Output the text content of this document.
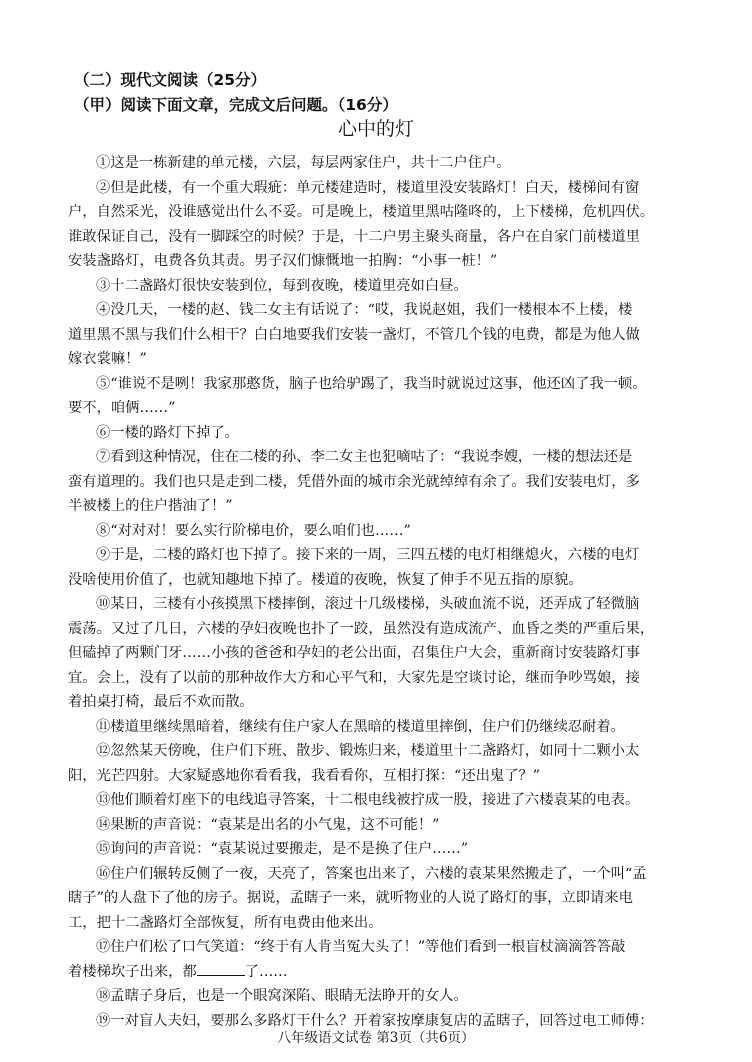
（二）现代文阅读（25分）
（甲）阅读下面文章，完成文后问题。（16分）
心中的灯
①这是一栋新建的单元楼，六层，每层两家住户，共十二户住户。
②但是此楼，有一个重大瑕疵：单元楼建造时，楼道里没安装路灯！白天，楼梯间有窗
户，自然采光，没谁感觉出什么不妥。可是晚上，楼道里黑咕隆咚的，上下楼梯，危机四伏。
谁敢保证自己，没有一脚踩空的时候？于是，十二户男主聚头商量，各户在自家门前楼道里
安装盏路灯，电费各负其责。男子汉们慷慨地一拍胸：“小事一桩！”
③十二盏路灯很快安装到位，每到夜晚，楼道里亮如白昼。
④没几天，一楼的赵、钱二女主有话说了：“哎，我说赵姐，我们一楼根本不上楼，楼
道里黑不黑与我们什么相干？白白地要我们安装一盏灯，不管几个钱的电费，都是为他人做
嫁衣裳嘛！”
⑤“谁说不是咧！我家那憨货，脑子也给驴踢了，我当时就说过这事，他还凶了我一顿。
要不，咱俩……”
⑥一楼的路灯下掉了。
⑦看到这种情况，住在二楼的孙、李二女主也犯嘀咕了：“我说李嫂，一楼的想法还是
蛮有道理的。我们也只是走到二楼，凭借外面的城市余光就绰绰有余了。我们安装电灯，多
半被楼上的住户揩油了！”
⑧“对对对！要么实行阶梯电价，要么咱们也……”
⑨于是，二楼的路灯也下掉了。接下来的一周，三四五楼的电灯相继熄火，六楼的电灯
没啥使用价值了，也就知趣地下掉了。楼道的夜晚，恢复了伸手不见五指的原貌。
⑩某日，三楼有小孩摸黑下楼摔倒，滚过十几级楼梯，头破血流不说，还弄成了轻微脑
震荡。又过了几日，六楼的孕妇夜晚也扑了一跤，虽然没有造成流产、血昏之类的严重后果，
但磕掉了两颗门牙……小孩的爸爸和孕妇的老公出面，召集住户大会，重新商讨安装路灯事
宜。会上，没有了以前的那种故作大方和心平气和，大家先是空谈讨论，继而争吵骂娘，接
着拍桌打椅，最后不欢而散。
⑪楼道里继续黑暗着，继续有住户家人在黑暗的楼道里摔倒，住户们仍继续忍耐着。
⑫忽然某天傍晚，住户们下班、散步、锻炼归来，楼道里十二盏路灯，如同十二颗小太
阳，光芒四射。大家疑惑地你看看我，我看看你，互相打探：“还出鬼了？”
⑬他们顺着灯座下的电线追寻答案，十二根电线被拧成一股，接进了六楼袁某的电表。
⑭果断的声音说：“袁某是出名的小气鬼，这不可能！”
⑮询问的声音说：“袁某说过要搬走，是不是换了住户……”
⑯住户们辗转反侧了一夜，天亮了，答案也出来了，六楼的袁某果然搬走了，一个叫“孟
瞎子”的人盘下了他的房子。据说，孟瞎子一来，就听物业的人说了路灯的事，立即请来电
工，把十二盏路灯全部恢复，所有电费由他来出。
⑰住户们松了口气笑道：“终于有人肯当冤大头了！”等他们看到一根盲杖滴滴答答敲
着楼梯坎子出来，都	了……
⑱孟瞎子身后，也是一个眼窝深陷、眼睛无法睁开的女人。
⑲一对盲人夫妇，要那么多路灯干什么？开着家按摩康复店的孟瞎子，回答过电工师傅：
八年级语文试卷 第3页（共6页）
